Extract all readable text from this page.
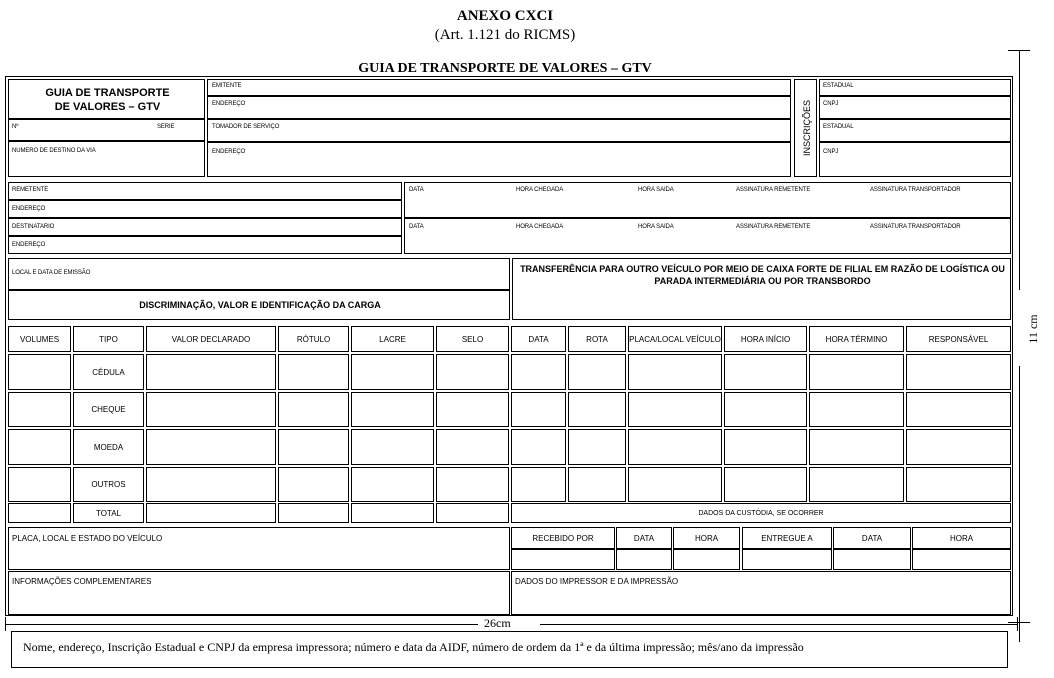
ANEXO CXCI
(Art. 1.121 do RICMS)
GUIA DE TRANSPORTE DE VALORES – GTV
GUIA DE TRANSPORTE
DE VALORES – GTV
Nº	SERIE
NUMERO DE DESTINO DA VIA
EMITENTE
ENDEREÇO
TOMADOR DE SERVIÇO
ENDEREÇO	INSCRIÇÕES
ESTADUAL
CNPJ
ESTADUAL
CNPJ
REMETENTE
ENDEREÇO
DESTINATARIO
ENDEREÇO
DATA	HORA CHEGADA	HORA SAIDA	ASSINATURA REMETENTE	ASSINATURA TRANSPORTADOR
DATA	HORA CHEGADA	HORA SAIDA	ASSINATURA REMETENTE	ASSINATURA TRANSPORTADOR
LOCAL E DATA DE EMISSÃO
DISCRIMINAÇÃO, VALOR E IDENTIFICAÇÃO DA CARGA
TRANSFERÊNCIA PARA OUTRO VEÍCULO POR MEIO DE CAIXA FORTE DE FILIAL EM RAZÃO DE LOGÍSTICA OU PARADA INTERMEDIÁRIA OU POR TRANSBORDO
VOLUMES	TIPO	VALOR DECLARADO	RÓTULO	LACRE	SELO	DATA	ROTA	PLACA/LOCAL VEÍCULO	HORA INÍCIO	HORA TÉRMINO	RESPONSÁVEL
CÉDULA
CHEQUE
MOEDA
OUTROS
TOTAL	DADOS DA CUSTÓDIA, SE OCORRER
PLACA, LOCAL E ESTADO DO VEÍCULO	RECEBIDO POR	DATA	HORA	ENTREGUE A	DATA	HORA
INFORMAÇÕES COMPLEMENTARES	DADOS DO IMPRESSOR E DA IMPRESSÃO
26cm
11 cm
Nome, endereço, Inscrição Estadual e CNPJ da empresa impressora; número e data da AIDF, número de ordem da 1ª e da última impressão; mês/ano da impressão
